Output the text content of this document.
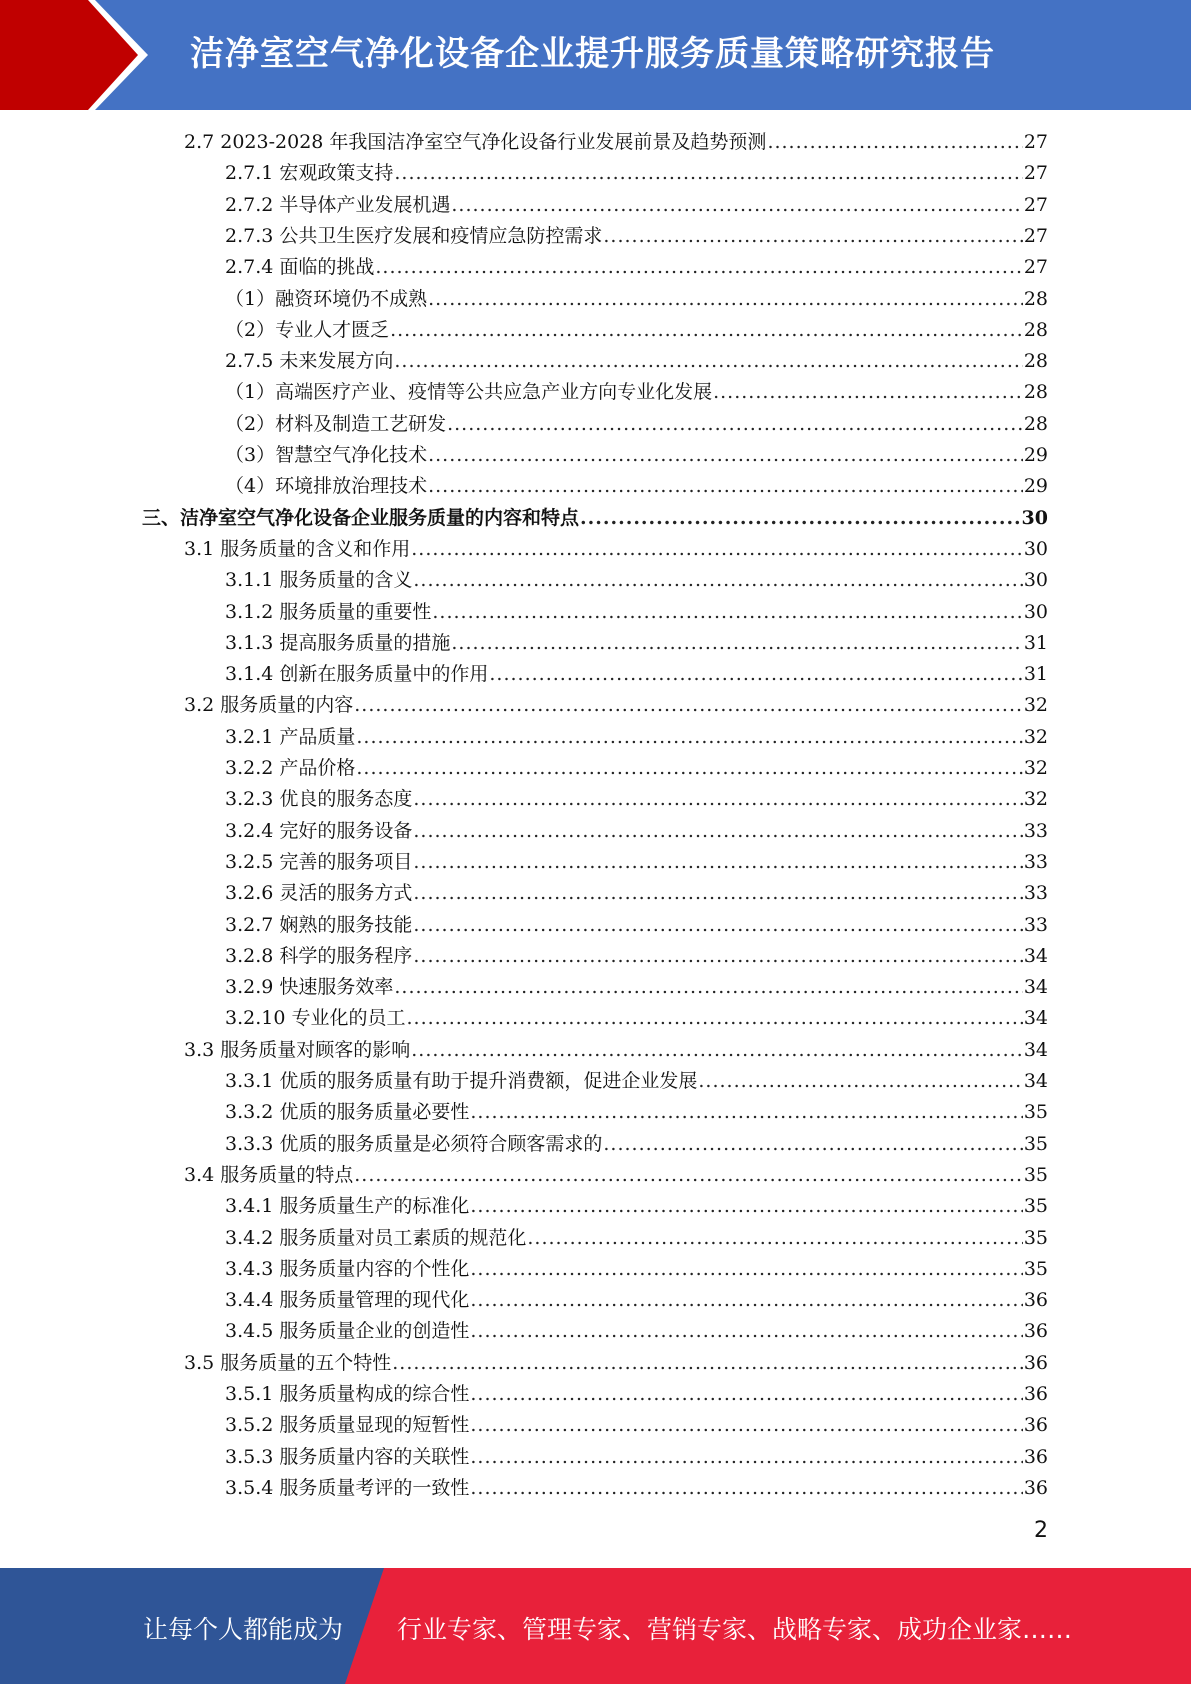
洁净室空气净化设备企业提升服务质量策略研究报告
2.7 2023-2028 年我国洁净室空气净化设备行业发展前景及趋势预测 .....	27
2.7.1 宏观政策支持 .....	27
2.7.2 半导体产业发展机遇 .....	27
2.7.3 公共卫生医疗发展和疫情应急防控需求 .....	27
2.7.4 面临的挑战 .....	27
（1）融资环境仍不成熟 .....	28
（2）专业人才匮乏 .....	28
2.7.5 未来发展方向 .....	28
（1）高端医疗产业、疫情等公共应急产业方向专业化发展 .....	28
（2）材料及制造工艺研发 .....	28
（3）智慧空气净化技术 .....	29
（4）环境排放治理技术 .....	29
三、洁净室空气净化设备企业服务质量的内容和特点 .....	30
3.1 服务质量的含义和作用 .....	30
3.1.1 服务质量的含义 .....	30
3.1.2 服务质量的重要性 .....	30
3.1.3 提高服务质量的措施 .....	31
3.1.4 创新在服务质量中的作用 .....	31
3.2 服务质量的内容 .....	32
3.2.1 产品质量 .....	32
3.2.2 产品价格 .....	32
3.2.3 优良的服务态度 .....	32
3.2.4 完好的服务设备 .....	33
3.2.5 完善的服务项目 .....	33
3.2.6 灵活的服务方式 .....	33
3.2.7 娴熟的服务技能 .....	33
3.2.8 科学的服务程序 .....	34
3.2.9 快速服务效率 .....	34
3.2.10 专业化的员工 .....	34
3.3 服务质量对顾客的影响 .....	34
3.3.1 优质的服务质量有助于提升消费额，促进企业发展 .....	34
3.3.2 优质的服务质量必要性 .....	35
3.3.3 优质的服务质量是必须符合顾客需求的 .....	35
3.4 服务质量的特点 .....	35
3.4.1 服务质量生产的标准化 .....	35
3.4.2 服务质量对员工素质的规范化 .....	35
3.4.3 服务质量内容的个性化 .....	35
3.4.4 服务质量管理的现代化 .....	36
3.4.5 服务质量企业的创造性 .....	36
3.5 服务质量的五个特性 .....	36
3.5.1 服务质量构成的综合性 .....	36
3.5.2 服务质量显现的短暂性 .....	36
3.5.3 服务质量内容的关联性 .....	36
3.5.4 服务质量考评的一致性 .....	36
2
让每个人都能成为 行业专家、管理专家、营销专家、战略专家、成功企业家……
